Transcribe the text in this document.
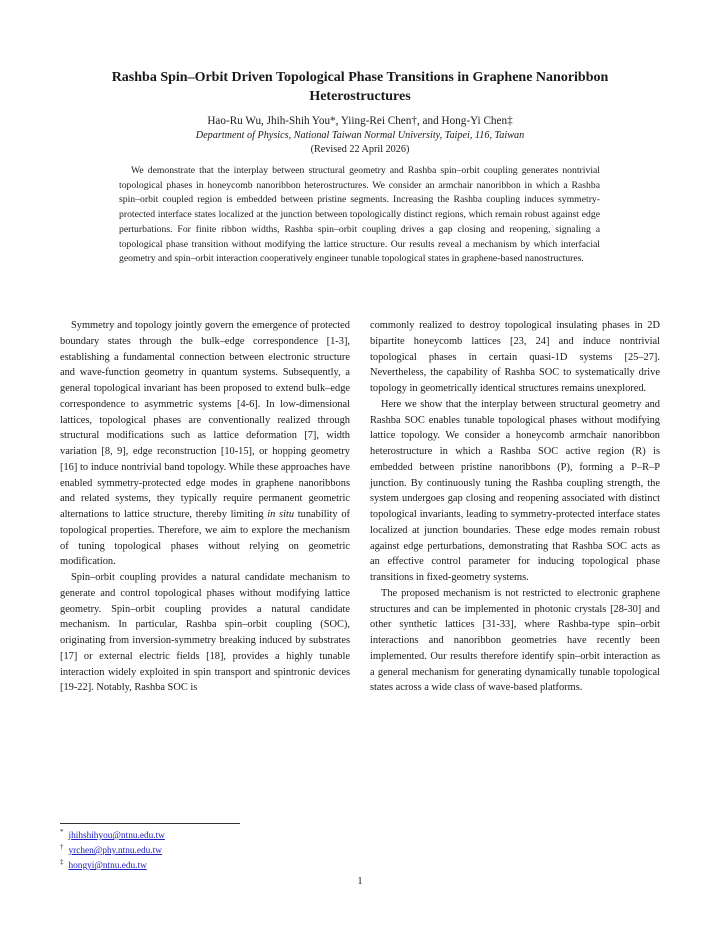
Rashba Spin–Orbit Driven Topological Phase Transitions in Graphene Nanoribbon Heterostructures
Hao-Ru Wu, Jhih-Shih You*, Yiing-Rei Chen†, and Hong-Yi Chen‡
Department of Physics, National Taiwan Normal University, Taipei, 116, Taiwan
(Revised 22 April 2026)

We demonstrate that the interplay between structural geometry and Rashba spin–orbit coupling generates nontrivial topological phases in honeycomb nanoribbon heterostructures. We consider an armchair nanoribbon in which a Rashba spin–orbit coupled region is embedded between pristine segments. Increasing the Rashba coupling induces symmetry-protected interface states localized at the junction between topologically distinct regions, which remain robust against edge perturbations. For finite ribbon widths, Rashba spin–orbit coupling drives a gap closing and reopening, signaling a topological phase transition without modifying the lattice structure. Our results reveal a mechanism by which interfacial geometry and spin–orbit interaction cooperatively engineer tunable topological states in graphene-based nanostructures.

Symmetry and topology jointly govern the emergence of protected boundary states through the bulk–edge correspondence [1-3], establishing a fundamental connection between electronic structure and wave-function geometry in quantum systems. Subsequently, a general topological invariant has been proposed to extend bulk–edge correspondence to asymmetric systems [4-6]. In low-dimensional lattices, topological phases are conventionally realized through structural modifications such as lattice deformation [7], width variation [8, 9], edge reconstruction [10-15], or hopping geometry [16] to induce nontrivial band topology. While these approaches have enabled symmetry-protected edge modes in graphene nanoribbons and related systems, they typically require permanent geometric alternations to lattice structure, thereby limiting in situ tunability of topological properties. Therefore, we aim to explore the mechanism of tuning topological phases without relying on geometric modification.

Spin–orbit coupling provides a natural candidate mechanism to generate and control topological phases without modifying lattice geometry. Spin–orbit coupling provides a natural candidate mechanism. In particular, Rashba spin–orbit coupling (SOC), originating from inversion-symmetry breaking induced by substrates [17] or external electric fields [18], provides a highly tunable interaction widely exploited in spin transport and spintronic devices [19-22]. Notably, Rashba SOC is

commonly realized to destroy topological insulating phases in 2D bipartite honeycomb lattices [23, 24] and induce nontrivial topological phases in certain quasi-1D systems [25–27]. Nevertheless, the capability of Rashba SOC to systematically drive topology in geometrically identical structures remains unexplored.

Here we show that the interplay between structural geometry and Rashba SOC enables tunable topological phases without modifying lattice topology. We consider a honeycomb armchair nanoribbon heterostructure in which a Rashba SOC active region (R) is embedded between pristine nanoribbons (P), forming a P–R–P junction. By continuously tuning the Rashba coupling strength, the system undergoes gap closing and reopening associated with distinct topological invariants, leading to symmetry-protected interface states localized at junction boundaries. These edge modes remain robust against edge perturbations, demonstrating that Rashba SOC acts as an effective control parameter for inducing topological phase transitions in fixed-geometry systems.

The proposed mechanism is not restricted to electronic graphene structures and can be implemented in photonic crystals [28-30] and other synthetic lattices [31-33], where Rashba-type spin–orbit interactions and nanoribbon geometries have recently been implemented. Our results therefore identify spin–orbit interaction as a general mechanism for generating dynamically tunable topological states across a wide class of wave-based platforms.

* jhihshihyou@ntnu.edu.tw
† yrchen@phy.ntnu.edu.tw
‡ hongyi@ntnu.edu.tw
1
